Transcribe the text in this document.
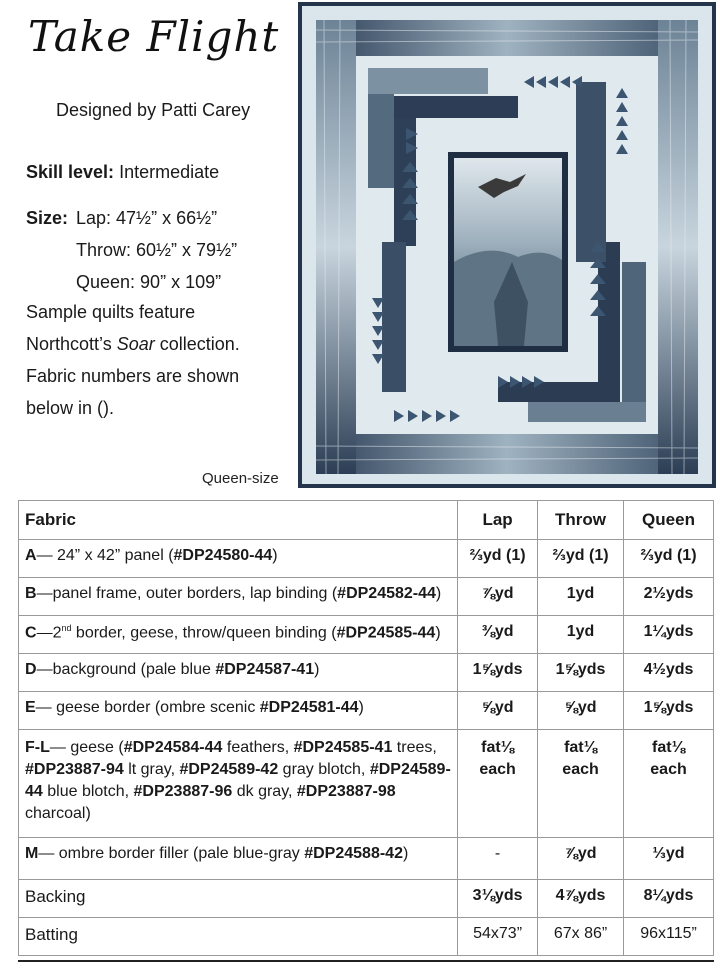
Take Flight
Designed by Patti Carey
Skill level: Intermediate
Size: Lap: 47½” x 66½”
Throw: 60½” x 79½”
Queen: 90” x 109”
Sample quilts feature
Northcott’s Soar collection.
Fabric numbers are shown
below in ().
Queen-size
Fabric	Lap	Throw	Queen
A— 24” x 42” panel (#DP24580-44)	⅔yd (1)	⅔yd (1)	⅔yd (1)
B—panel frame, outer borders, lap binding (#DP24582-44)	⅞yd	1yd	2½yds
C—2nd border, geese, throw/queen binding (#DP24585-44)	⅜yd	1yd	1¼yds
D—background (pale blue #DP24587-41)	1⅝yds	1⅝yds	4½yds
E— geese border (ombre scenic #DP24581-44)	⅝yd	⅝yd	1⅝yds
F-L— geese (#DP24584-44 feathers, #DP24585-41 trees, #DP23887-94 lt gray, #DP24589-42 gray blotch, #DP24589-44 blue blotch, #DP23887-96 dk gray, #DP23887-98 charcoal)	fat⅛ each	fat⅛ each	fat⅛ each
M— ombre border filler (pale blue-gray #DP24588-42)	-	⅞yd	⅓yd
Backing	3⅛yds	4⅞yds	8¼yds
Batting	54x73”	67x 86”	96x115”
